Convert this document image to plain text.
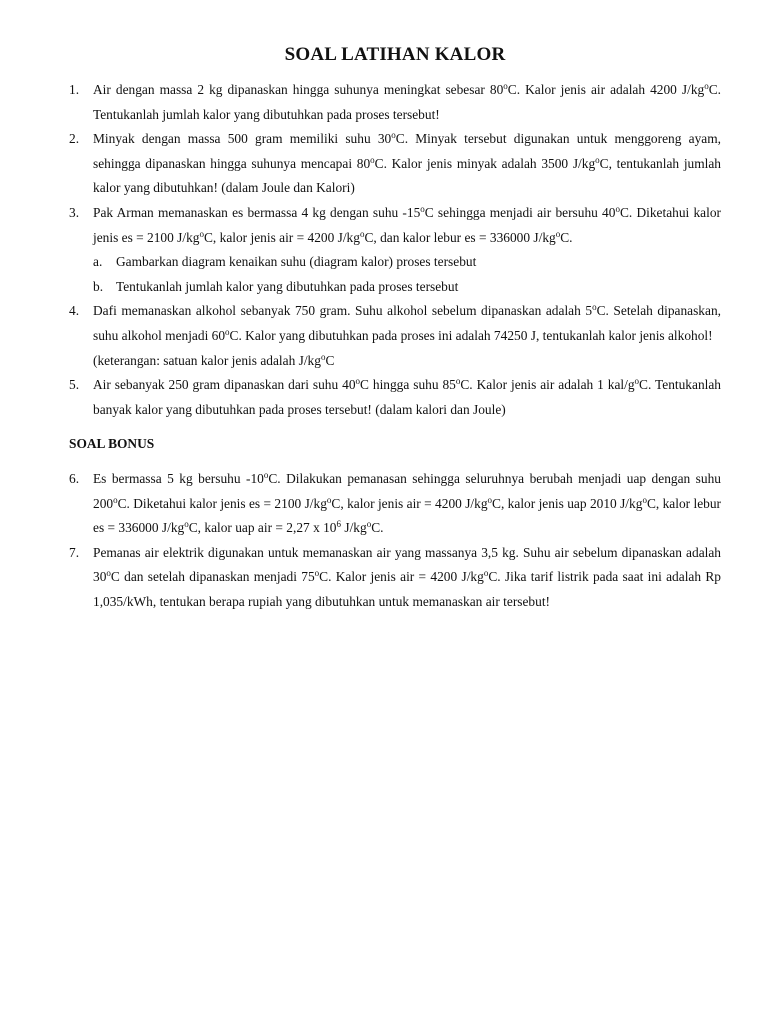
SOAL LATIHAN KALOR
1. Air dengan massa 2 kg dipanaskan hingga suhunya meningkat sebesar 80$^o$C. Kalor jenis air adalah 4200 $J/kg^oC$. Tentukanlah jumlah kalor yang dibutuhkan pada proses tersebut!
2. Minyak dengan massa 500 gram memiliki suhu 30$^o$C. Minyak tersebut digunakan untuk menggoreng ayam, sehingga dipanaskan hingga suhunya mencapai 80$^o$C. Kalor jenis minyak adalah 3500 $J/kg^oC$, tentukanlah jumlah kalor yang dibutuhkan! (dalam Joule dan Kalori)
3. Pak Arman memanaskan es bermassa 4 kg dengan suhu -15$^o$C sehingga menjadi air bersuhu 40$^o$C. Diketahui kalor jenis es = 2100 $J/kg^oC$, kalor jenis air = 4200 $J/kg^oC$, dan kalor lebur es = 336000 $J/kg^oC$.
a. Gambarkan diagram kenaikan suhu (diagram kalor) proses tersebut
b. Tentukanlah jumlah kalor yang dibutuhkan pada proses tersebut
4. Dafi memanaskan alkohol sebanyak 750 gram. Suhu alkohol sebelum dipanaskan adalah 5$^o$C. Setelah dipanaskan, suhu alkohol menjadi 60$^o$C. Kalor yang dibutuhkan pada proses ini adalah 74250 J, tentukanlah kalor jenis alkohol!
(keterangan: satuan kalor jenis adalah $J/kg^oC$
5. Air sebanyak 250 gram dipanaskan dari suhu 40$^o$C hingga suhu 85$^o$C. Kalor jenis air adalah 1 kal/$g^oC$. Tentukanlah banyak kalor yang dibutuhkan pada proses tersebut! (dalam kalori dan Joule)
SOAL BONUS
6. Es bermassa 5 kg bersuhu -10$^o$C. Dilakukan pemanasan sehingga seluruhnya berubah menjadi uap dengan suhu 200$^o$C. Diketahui kalor jenis es = 2100 $J/kg^oC$, kalor jenis air = 4200 $J/kg^oC$, kalor jenis uap 2010 $J/kg^oC$, kalor lebur es = 336000 $J/kg^oC$, kalor uap air = 2,27 x $10^6$ $J/kg^oC$.
7. Pemanas air elektrik digunakan untuk memanaskan air yang massanya 3,5 kg. Suhu air sebelum dipanaskan adalah 30$^o$C dan setelah dipanaskan menjadi 75$^o$C. Kalor jenis air = 4200 $J/kg^oC$. Jika tarif listrik pada saat ini adalah Rp 1,035/kWh, tentukan berapa rupiah yang dibutuhkan untuk memanaskan air tersebut!
